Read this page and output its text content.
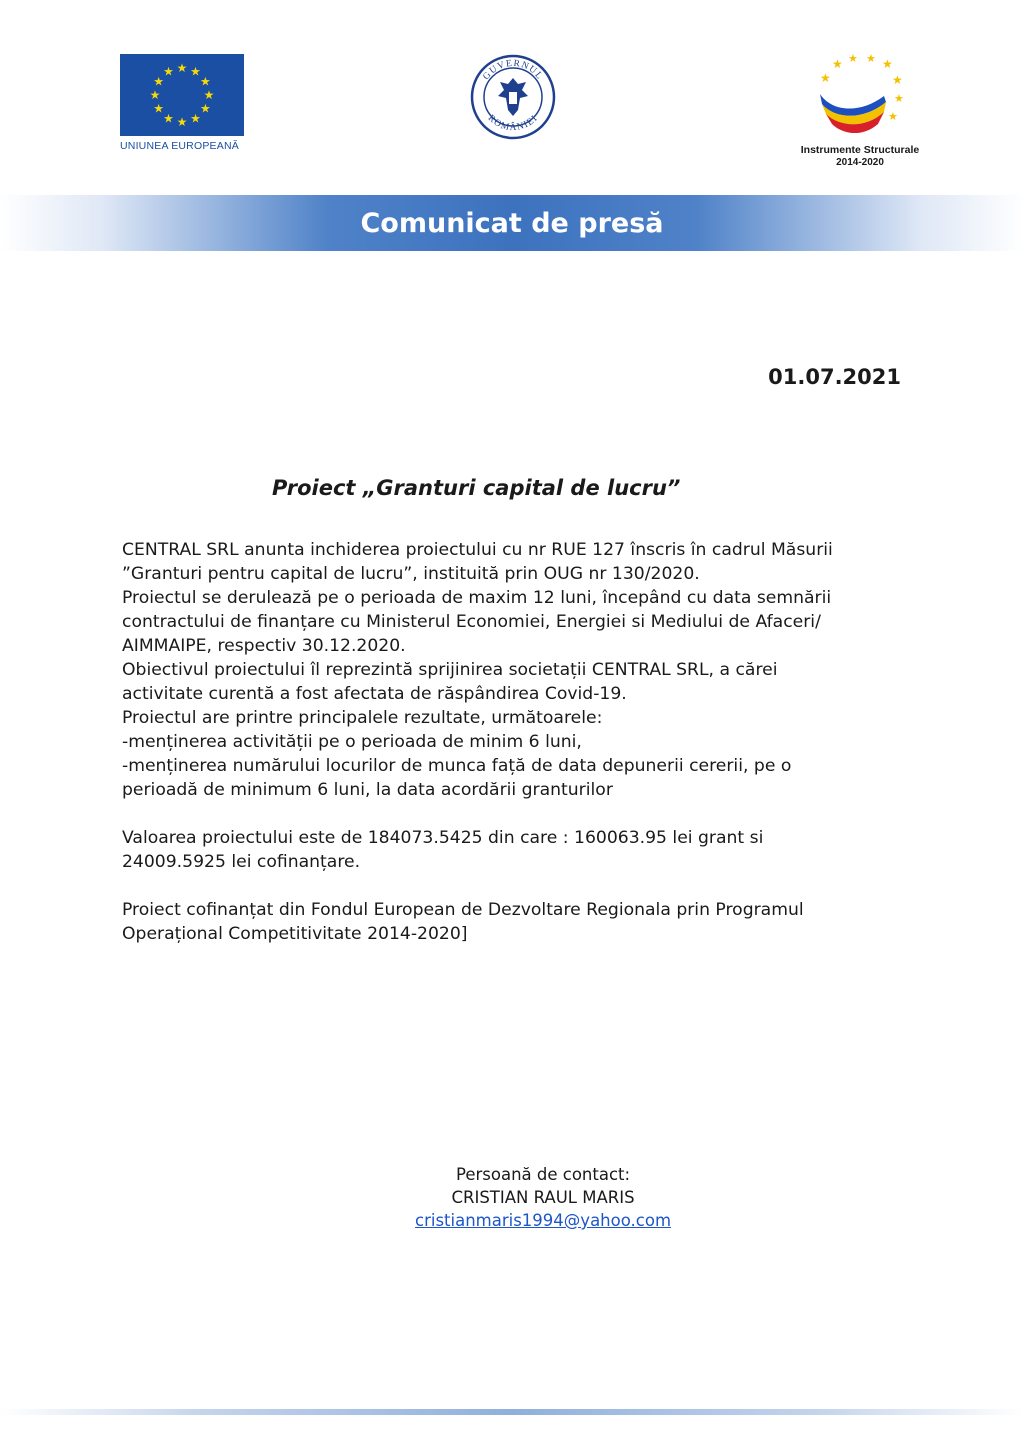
★ ★
★
★
★
★
★
★
★
★
★
★
UNIUNEA EUROPEANĂ
GUVERNUL
ROMÂNIEI
★
★ ★ ★ ★
★
★
★
Instrumente Structurale
2014-2020
Comunicat de presă
01.07.2021
Proiect „Granturi capital de lucru”

CENTRAL SRL anunta inchiderea proiectului cu nr RUE 127 înscris în cadrul Măsurii

”Granturi pentru capital de lucru”, instituită prin OUG nr 130/2020.

Proiectul se derulează pe o perioada de maxim 12 luni, începând cu data semnării

contractului de finanțare cu Ministerul Economiei, Energiei si Mediului de Afaceri/

AIMMAIPE, respectiv 30.12.2020.

Obiectivul proiectului îl reprezintă sprijinirea societații CENTRAL SRL, a cărei

activitate curentă a fost afectata de răspândirea Covid-19.

Proiectul are printre principalele rezultate, următoarele:

-menținerea activității pe o perioada de minim 6 luni,

-menținerea numărului locurilor de munca față de data depunerii cererii, pe o

perioadă de minimum 6 luni, la data acordării granturilor

Valoarea proiectului este de 184073.5425 din care : 160063.95 lei grant si

24009.5925 lei cofinanțare.

Proiect cofinanțat din Fondul European de Dezvoltare Regionala prin Programul

Operațional Competitivitate 2014-2020]

Persoană de contact:
CRISTIAN RAUL MARIS
cristianmaris1994@yahoo.com
